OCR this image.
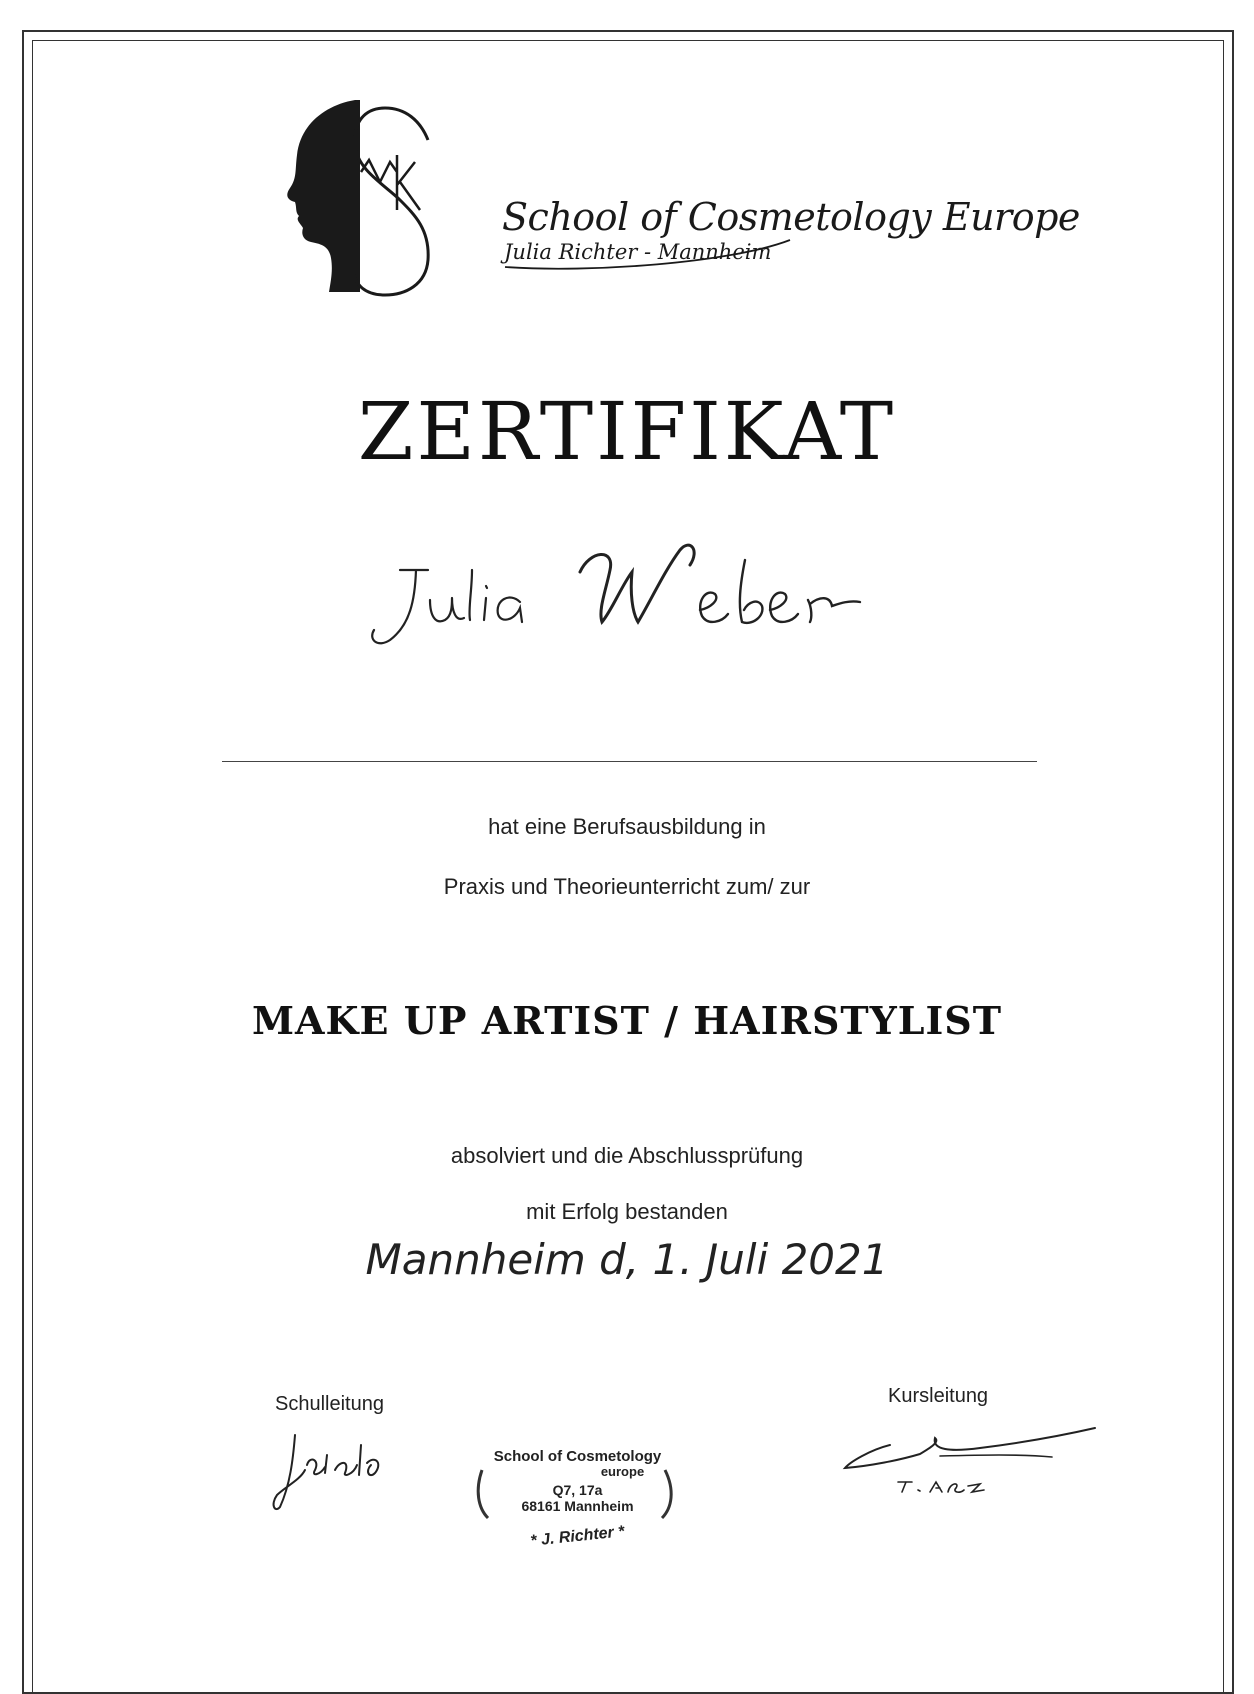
School of Cosmetology Europe
Julia Richter - Mannheim
ZERTIFIKAT
hat eine Berufsausbildung in
Praxis und Theorieunterricht zum/ zur
MAKE UP ARTIST / HAIRSTYLIST
absolviert und die Abschlussprüfung
mit Erfolg bestanden
Mannheim d, 1. Juli 2021
Schulleitung	Kursleitung
School of Cosmetology
europe
Q7, 17a
68161 Mannheim
* J. Richter *
